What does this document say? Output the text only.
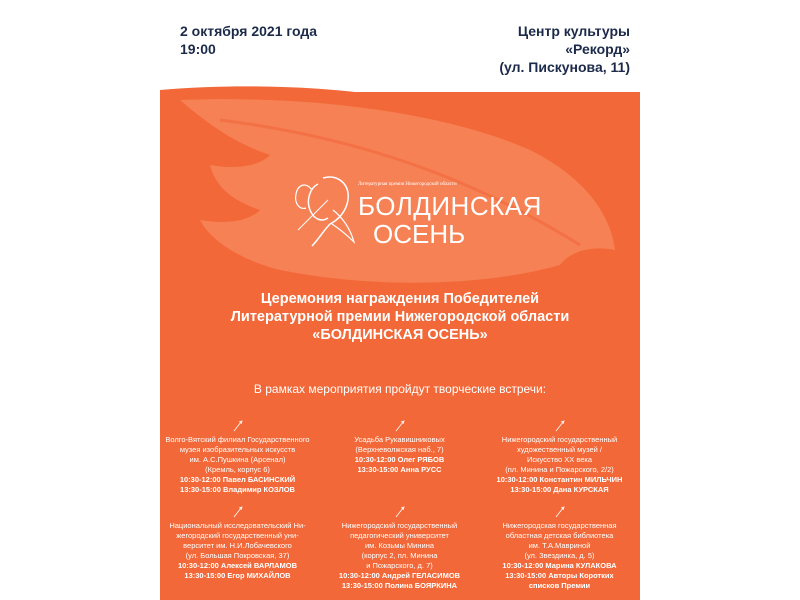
2 октября 2021 года
19:00
Центр культуры
«Рекорд»
(ул. Пискунова, 11)
Литературная премия Нижегородской области
БОЛДИНСКАЯ
ОСЕНЬ
Церемония награждения Победителей
Литературной премии Нижегородской области
«БОЛДИНСКАЯ ОСЕНЬ»
В рамках мероприятия пройдут творческие встречи:
Волго-Вятский филиал Государственного
музея изобразительных искусств
им. А.С.Пушкина (Арсенал)
(Кремль, корпус 6)
10:30-12:00 Павел БАСИНСКИЙ
13:30-15:00 Владимир КОЗЛОВ
Усадьба Рукавишниковых
(Верхневолжская наб., 7)
10:30-12:00 Олег РЯБОВ
13:30-15:00 Анна РУСС
Нижегородский государственный
художественный музей /
Искусство XX века
(пл. Минина и Пожарского, 2/2)
10:30-12:00 Константин МИЛЬЧИН
13:30-15:00 Дана КУРСКАЯ
Национальный исследовательский Ни-
жегородский государственный уни-
верситет им. Н.И.Лобачевского
(ул. Большая Покровская, 37)
10:30-12:00 Алексей ВАРЛАМОВ
13:30-15:00 Егор МИХАЙЛОВ
Нижегородский государственный
педагогический университет
им. Козьмы Минина
(корпус 2, пл. Минина
и Пожарского, д. 7)
10:30-12:00 Андрей ГЕЛАСИМОВ
13:30-15:00 Полина БОЯРКИНА
Нижегородская государственная
областная детская библиотека
им. Т.А.Мавриной
(ул. Звездинка, д. 5)
10:30-12:00 Марина КУЛАКОВА
13:30-15:00 Авторы Коротких
списков Премии
